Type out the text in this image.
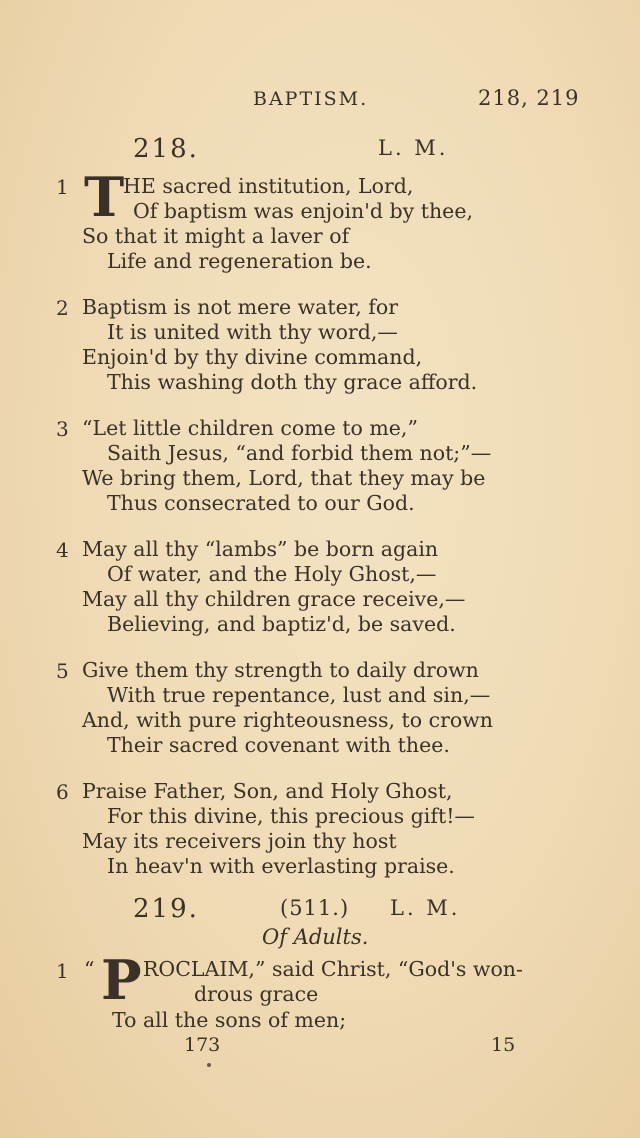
BAPTISM.	218, 219
218.	L. M.
1 T
HE sacred institution, Lord,
Of baptism was enjoin'd by thee,
So that it might a laver of
Life and regeneration be.
2 Baptism is not mere water, for
It is united with thy word,—
Enjoin'd by thy divine command,
This washing doth thy grace afford.
3 “Let little children come to me,”
Saith Jesus, “and forbid them not;”—
We bring them, Lord, that they may be
Thus consecrated to our God.
4 May all thy “lambs” be born again
Of water, and the Holy Ghost,—
May all thy children grace receive,—
Believing, and baptiz'd, be saved.
5 Give them thy strength to daily drown
With true repentance, lust and sin,—
And, with pure righteousness, to crown
Their sacred covenant with thee.
6 Praise Father, Son, and Holy Ghost,
For this divine, this precious gift!—
May its receivers join thy host
In heav'n with everlasting praise.
219.	(511.) L. M.
Of Adults.
1 “ P ROCLAIM,” said Christ, “God's won-
drous grace
To all the sons of men;
173	15
